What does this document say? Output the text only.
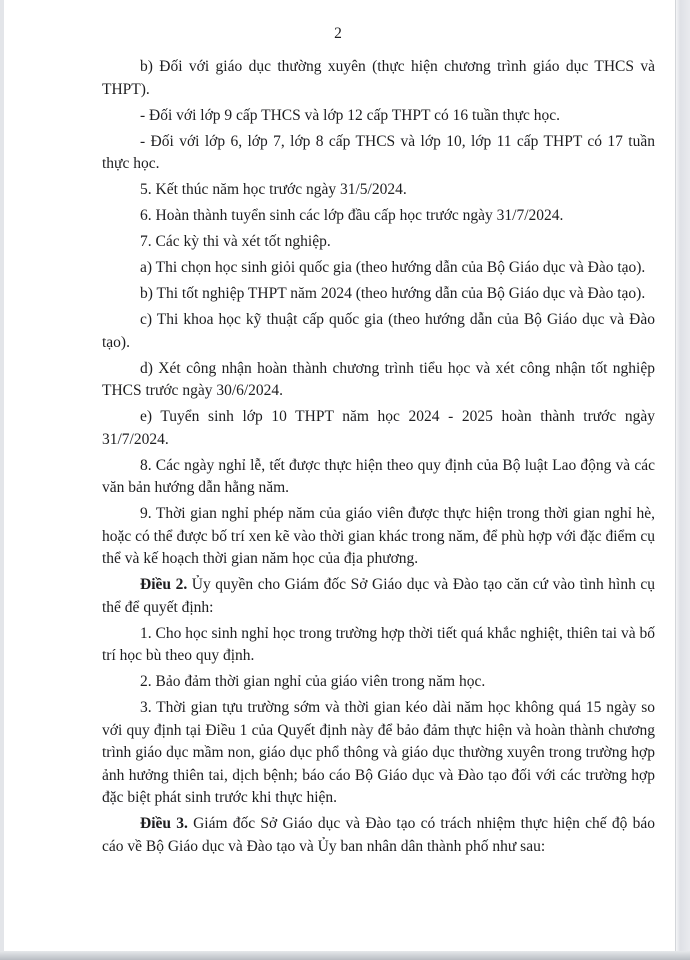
2

b) Đối với giáo dục thường xuyên (thực hiện chương trình giáo dục THCS và THPT).

- Đối với lớp 9 cấp THCS và lớp 12 cấp THPT có 16 tuần thực học.

- Đối với lớp 6, lớp 7, lớp 8 cấp THCS và lớp 10, lớp 11 cấp THPT có 17 tuần thực học.

5. Kết thúc năm học trước ngày 31/5/2024.

6. Hoàn thành tuyển sinh các lớp đầu cấp học trước ngày 31/7/2024.

7. Các kỳ thi và xét tốt nghiệp.

a) Thi chọn học sinh giỏi quốc gia (theo hướng dẫn của Bộ Giáo dục và Đào tạo).

b) Thi tốt nghiệp THPT năm 2024 (theo hướng dẫn của Bộ Giáo dục và Đào tạo).

c) Thi khoa học kỹ thuật cấp quốc gia (theo hướng dẫn của Bộ Giáo dục và Đào tạo).

d) Xét công nhận hoàn thành chương trình tiểu học và xét công nhận tốt nghiệp THCS trước ngày 30/6/2024.

e) Tuyển sinh lớp 10 THPT năm học 2024 - 2025 hoàn thành trước ngày 31/7/2024.

8. Các ngày nghỉ lễ, tết được thực hiện theo quy định của Bộ luật Lao động và các văn bản hướng dẫn hằng năm.

9. Thời gian nghỉ phép năm của giáo viên được thực hiện trong thời gian nghỉ hè, hoặc có thể được bố trí xen kẽ vào thời gian khác trong năm, để phù hợp với đặc điểm cụ thể và kế hoạch thời gian năm học của địa phương.

Điều 2. Ủy quyền cho Giám đốc Sở Giáo dục và Đào tạo căn cứ vào tình hình cụ thể để quyết định:

1. Cho học sinh nghỉ học trong trường hợp thời tiết quá khắc nghiệt, thiên tai và bố trí học bù theo quy định.

2. Bảo đảm thời gian nghỉ của giáo viên trong năm học.

3. Thời gian tựu trường sớm và thời gian kéo dài năm học không quá 15 ngày so với quy định tại Điều 1 của Quyết định này để bảo đảm thực hiện và hoàn thành chương trình giáo dục mầm non, giáo dục phổ thông và giáo dục thường xuyên trong trường hợp ảnh hưởng thiên tai, dịch bệnh; báo cáo Bộ Giáo dục và Đào tạo đối với các trường hợp đặc biệt phát sinh trước khi thực hiện.

Điều 3. Giám đốc Sở Giáo dục và Đào tạo có trách nhiệm thực hiện chế độ báo cáo về Bộ Giáo dục và Đào tạo và Ủy ban nhân dân thành phố như sau:
